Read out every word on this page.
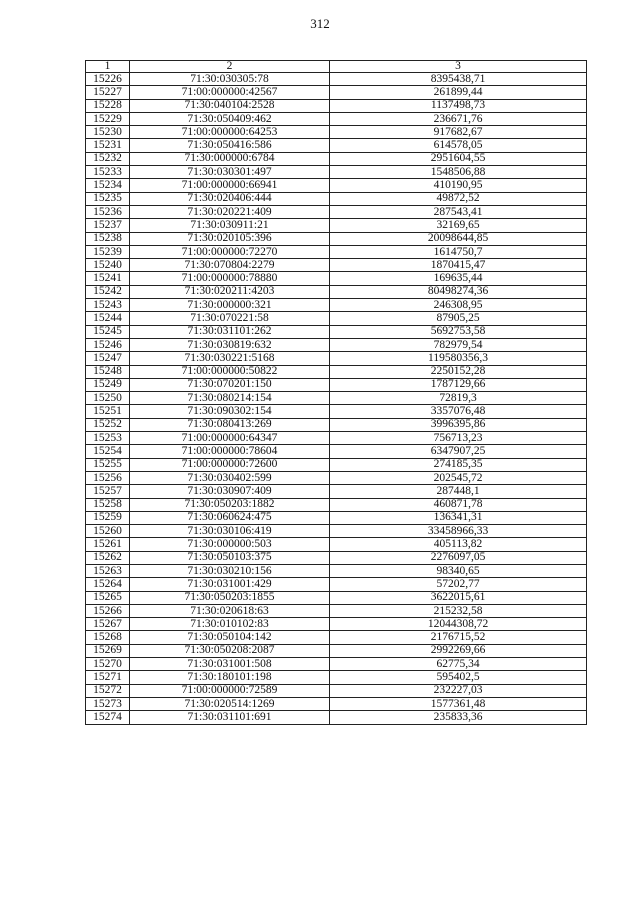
312
1	2	3
15226	71:30:030305:78	8395438,71
15227	71:00:000000:42567	261899,44
15228	71:30:040104:2528	1137498,73
15229	71:30:050409:462	236671,76
15230	71:00:000000:64253	917682,67
15231	71:30:050416:586	614578,05
15232	71:30:000000:6784	2951604,55
15233	71:30:030301:497	1548506,88
15234	71:00:000000:66941	410190,95
15235	71:30:020406:444	49872,52
15236	71:30:020221:409	287543,41
15237	71:30:030911:21	32169,65
15238	71:30:020105:396	20098644,85
15239	71:00:000000:72270	1614750,7
15240	71:30:070804:2279	1870415,47
15241	71:00:000000:78880	169635,44
15242	71:30:020211:4203	80498274,36
15243	71:30:000000:321	246308,95
15244	71:30:070221:58	87905,25
15245	71:30:031101:262	5692753,58
15246	71:30:030819:632	782979,54
15247	71:30:030221:5168	119580356,3
15248	71:00:000000:50822	2250152,28
15249	71:30:070201:150	1787129,66
15250	71:30:080214:154	72819,3
15251	71:30:090302:154	3357076,48
15252	71:30:080413:269	3996395,86
15253	71:00:000000:64347	756713,23
15254	71:00:000000:78604	6347907,25
15255	71:00:000000:72600	274185,35
15256	71:30:030402:599	202545,72
15257	71:30:030907:409	287448,1
15258	71:30:050203:1882	460871,78
15259	71:30:060624:475	136341,31
15260	71:30:030106:419	33458966,33
15261	71:30:000000:503	405113,82
15262	71:30:050103:375	2276097,05
15263	71:30:030210:156	98340,65
15264	71:30:031001:429	57202,77
15265	71:30:050203:1855	3622015,61
15266	71:30:020618:63	215232,58
15267	71:30:010102:83	12044308,72
15268	71:30:050104:142	2176715,52
15269	71:30:050208:2087	2992269,66
15270	71:30:031001:508	62775,34
15271	71:30:180101:198	595402,5
15272	71:00:000000:72589	232227,03
15273	71:30:020514:1269	1577361,48
15274	71:30:031101:691	235833,36
